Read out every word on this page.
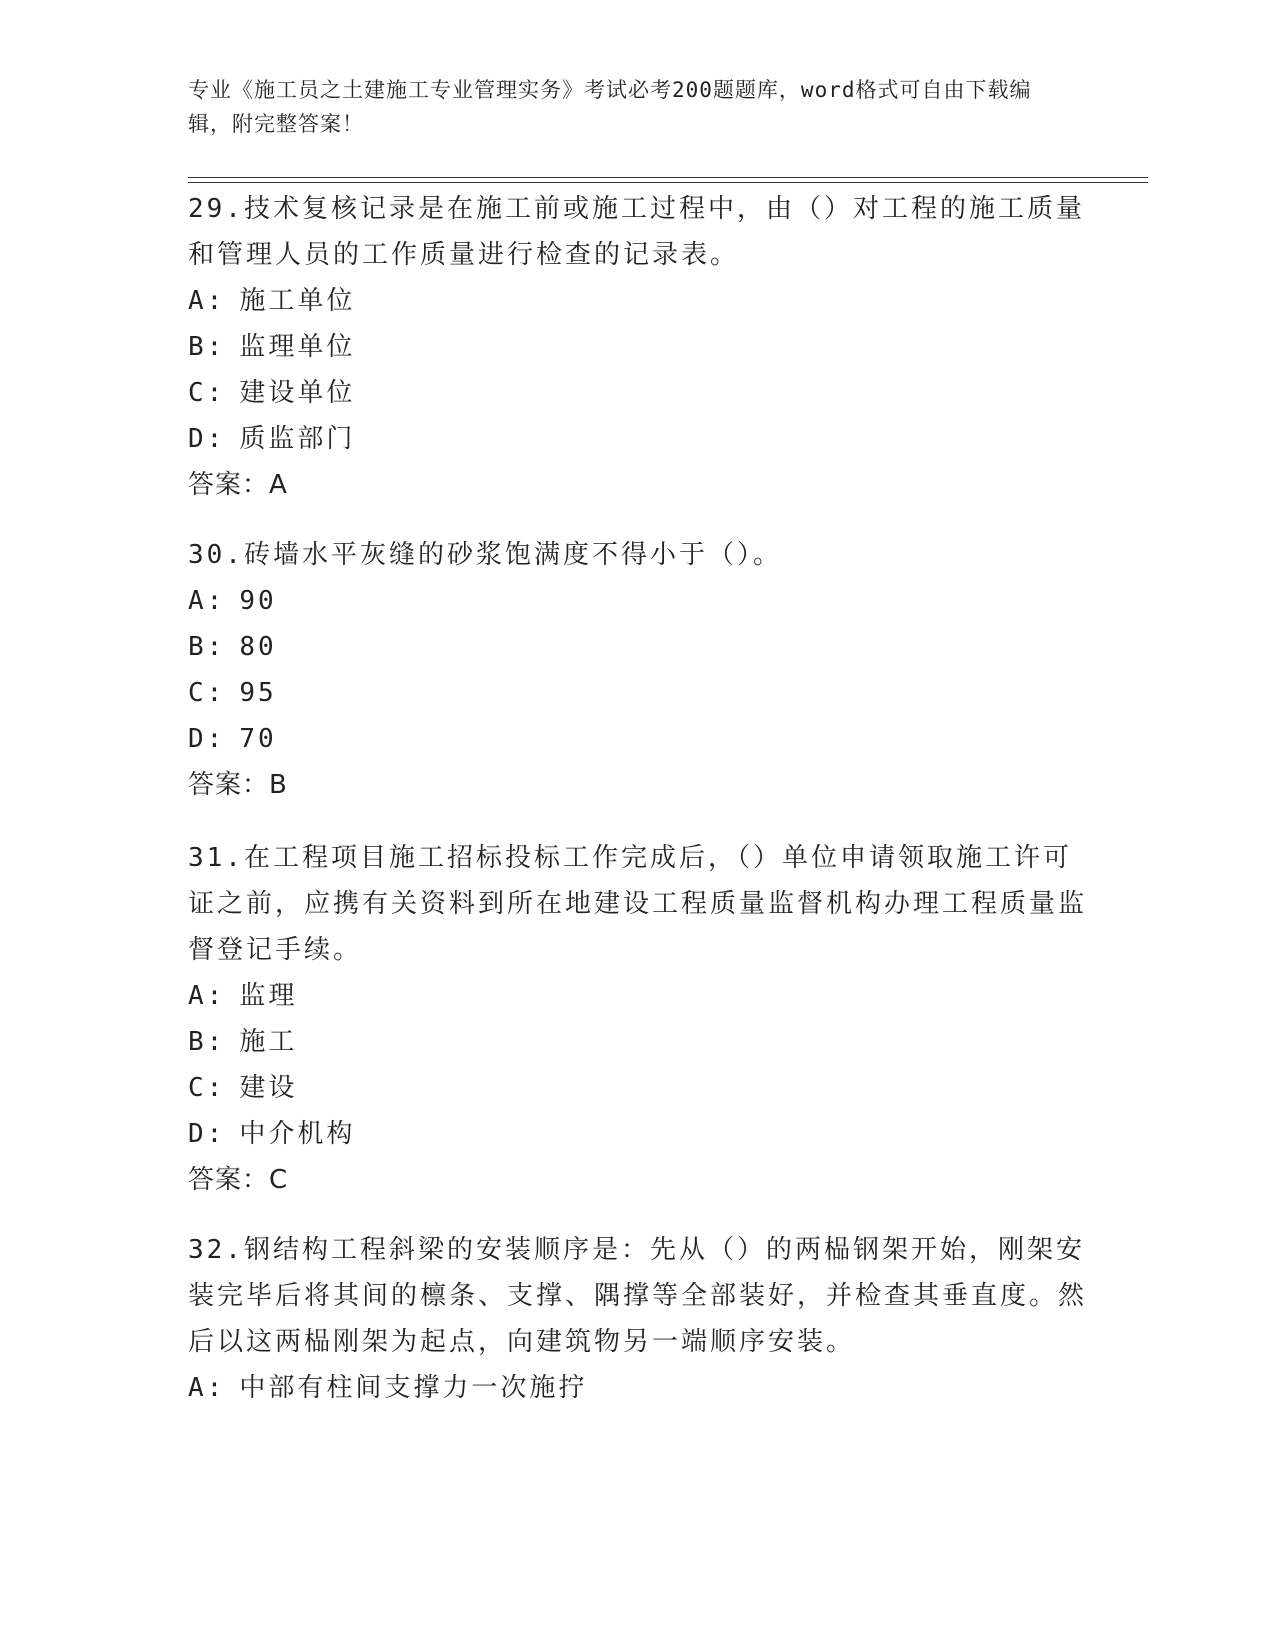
专业《施工员之土建施工专业管理实务》考试必考200题题库，word格式可自由下载编辑，附完整答案！

29.技术复核记录是在施工前或施工过程中，由（）对工程的施工质量和管理人员的工作质量进行检查的记录表。

A: 施工单位
B: 监理单位
C: 建设单位
D: 质监部门

答案：A

30.砖墙水平灰缝的砂浆饱满度不得小于（）。

A: 90
B: 80
C: 95
D: 70

答案：B

31.在工程项目施工招标投标工作完成后，（）单位申请领取施工许可证之前，应携有关资料到所在地建设工程质量监督机构办理工程质量监督登记手续。

A: 监理
B: 施工
C: 建设
D: 中介机构

答案：C

32.钢结构工程斜梁的安装顺序是：先从（）的两榀钢架开始，刚架安装完毕后将其间的檩条、支撑、隅撑等全部装好，并检查其垂直度。然后以这两榀刚架为起点，向建筑物另一端顺序安装。

A: 中部有柱间支撑力一次施拧
